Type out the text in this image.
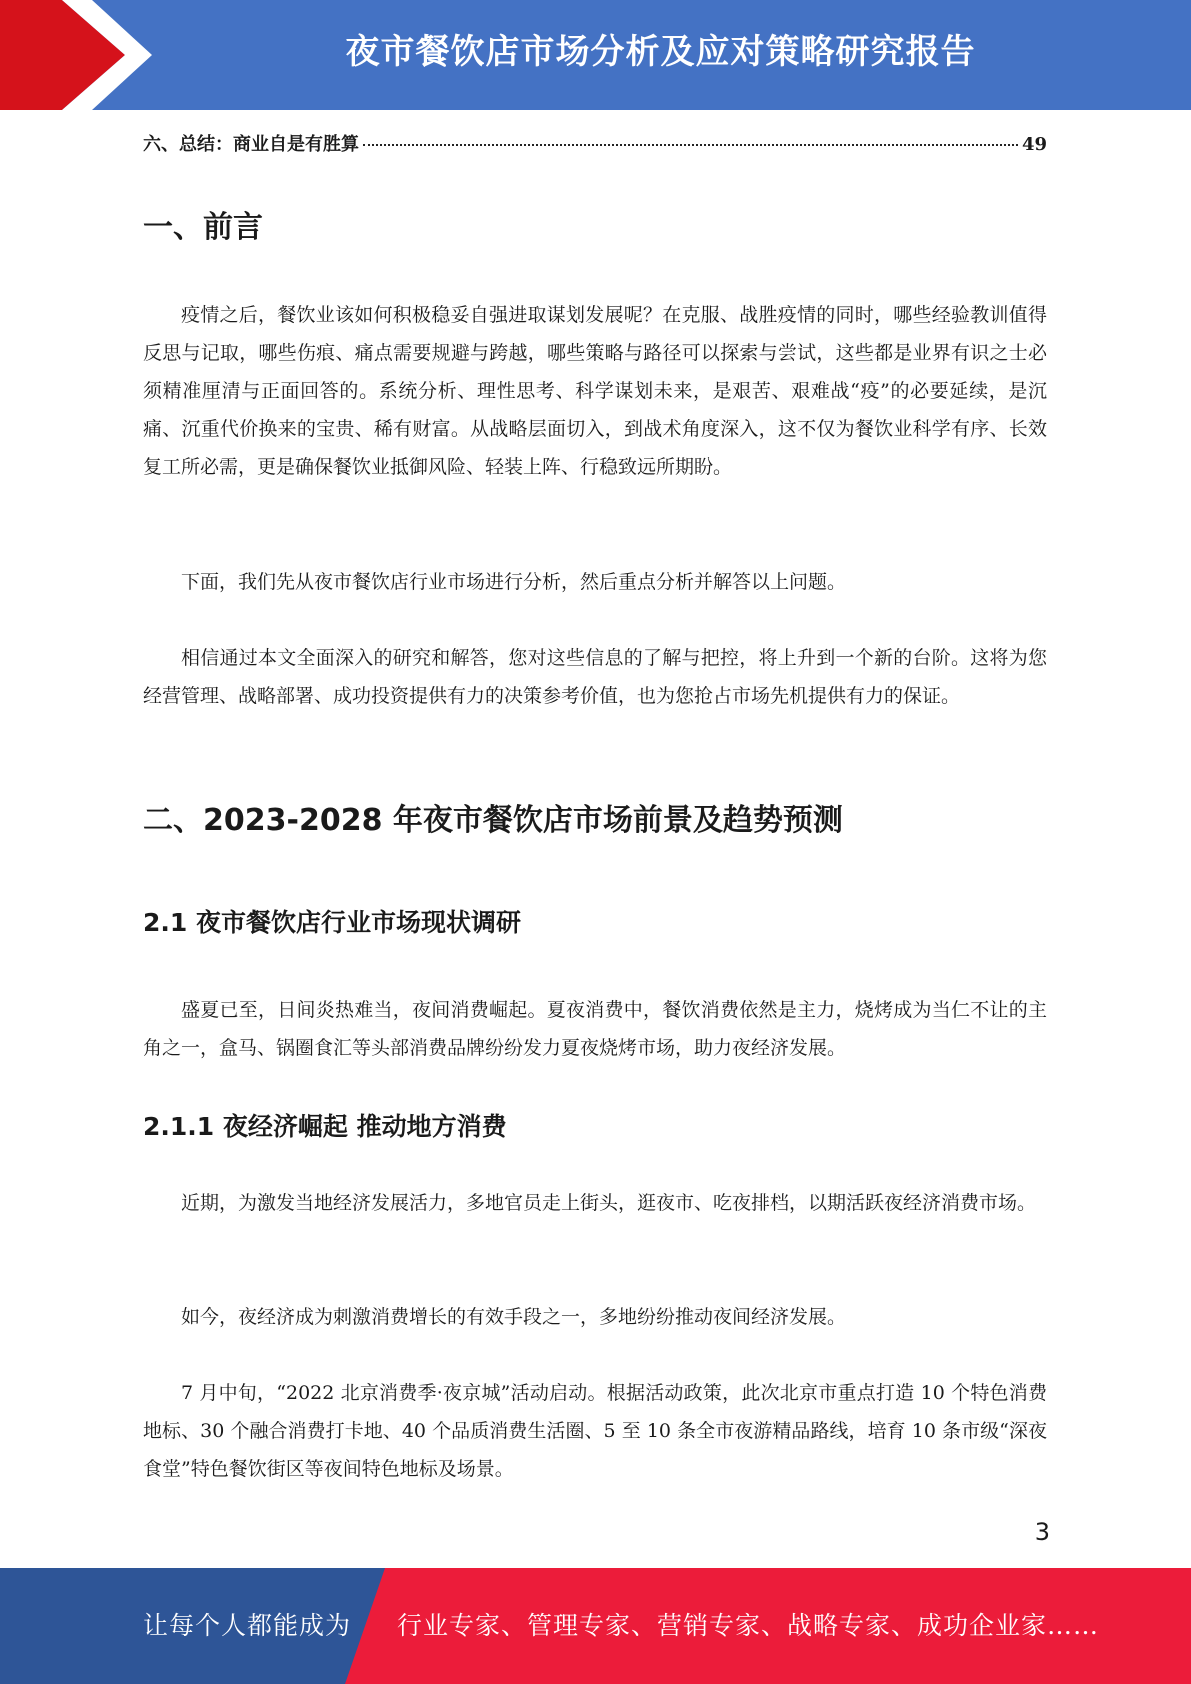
夜市餐饮店市场分析及应对策略研究报告
六、总结：商业自是有胜算	49
一、前言

疫情之后，餐饮业该如何积极稳妥自强进取谋划发展呢？在克服、战胜疫情的同时，哪些经验教训值得反思与记取，哪些伤痕、痛点需要规避与跨越，哪些策略与路径可以探索与尝试，这些都是业界有识之士必须精准厘清与正面回答的。系统分析、理性思考、科学谋划未来，是艰苦、艰难战“疫”的必要延续，是沉痛、沉重代价换来的宝贵、稀有财富。从战略层面切入，到战术角度深入，这不仅为餐饮业科学有序、长效复工所必需，更是确保餐饮业抵御风险、轻装上阵、行稳致远所期盼。

下面，我们先从夜市餐饮店行业市场进行分析，然后重点分析并解答以上问题。

相信通过本文全面深入的研究和解答，您对这些信息的了解与把控，将上升到一个新的台阶。这将为您经营管理、战略部署、成功投资提供有力的决策参考价值，也为您抢占市场先机提供有力的保证。

二、2023-2028 年夜市餐饮店市场前景及趋势预测
2.1 夜市餐饮店行业市场现状调研

盛夏已至，日间炎热难当，夜间消费崛起。夏夜消费中，餐饮消费依然是主力，烧烤成为当仁不让的主角之一，盒马、锅圈食汇等头部消费品牌纷纷发力夏夜烧烤市场，助力夜经济发展。

2.1.1 夜经济崛起 推动地方消费

近期，为激发当地经济发展活力，多地官员走上街头，逛夜市、吃夜排档，以期活跃夜经济消费市场。

如今，夜经济成为刺激消费增长的有效手段之一，多地纷纷推动夜间经济发展。

7 月中旬，“2022 北京消费季·夜京城”活动启动。根据活动政策，此次北京市重点打造 10 个特色消费地标、30 个融合消费打卡地、40 个品质消费生活圈、5 至 10 条全市夜游精品路线，培育 10 条市级“深夜食堂”特色餐饮街区等夜间特色地标及场景。

3
让每个人都能成为 行业专家、管理专家、营销专家、战略专家、成功企业家……
